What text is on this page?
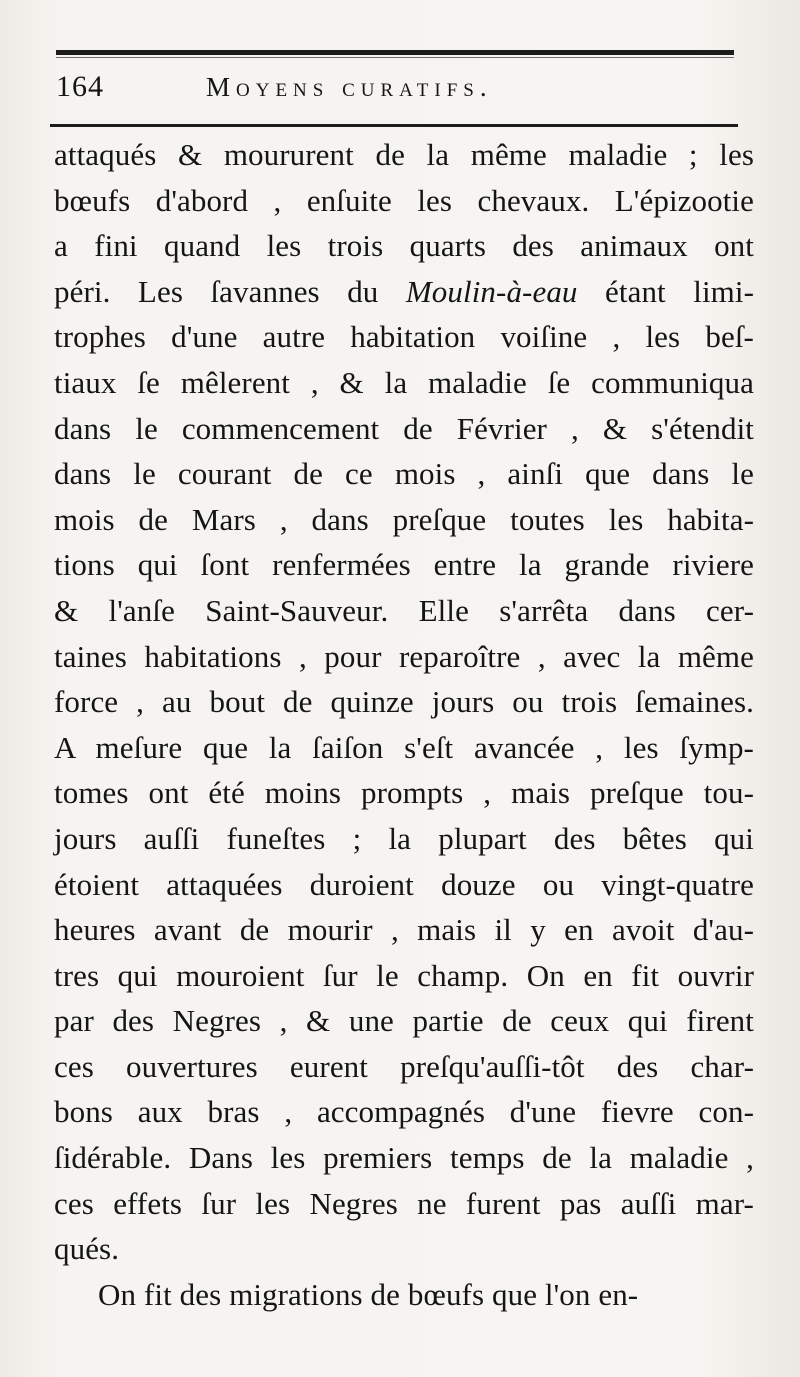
164	Moyens curatifs.
attaqués & moururent de la même maladie ; les
bœufs d'abord , enſuite les chevaux. L'épizootie
a fini quand les trois quarts des animaux ont
péri. Les ſavannes du Moulin-à-eau étant limi-
trophes d'une autre habitation voiſine , les beſ-
tiaux ſe mêlerent , & la maladie ſe communiqua
dans le commencement de Février , & s'étendit
dans le courant de ce mois , ainſi que dans le
mois de Mars , dans preſque toutes les habita-
tions qui ſont renfermées entre la grande riviere
& l'anſe Saint-Sauveur. Elle s'arrêta dans cer-
taines habitations , pour reparoître , avec la même
force , au bout de quinze jours ou trois ſemaines.
A meſure que la ſaiſon s'eſt avancée , les ſymp-
tomes ont été moins prompts , mais preſque tou-
jours auſſi funeſtes ; la plupart des bêtes qui
étoient attaquées duroient douze ou vingt-quatre
heures avant de mourir , mais il y en avoit d'au-
tres qui mouroient ſur le champ. On en fit ouvrir
par des Negres , & une partie de ceux qui firent
ces ouvertures eurent preſqu'auſſi-tôt des char-
bons aux bras , accompagnés d'une fievre con-
ſidérable. Dans les premiers temps de la maladie ,
ces effets ſur les Negres ne furent pas auſſi mar-
qués.
On fit des migrations de bœufs que l'on en-
